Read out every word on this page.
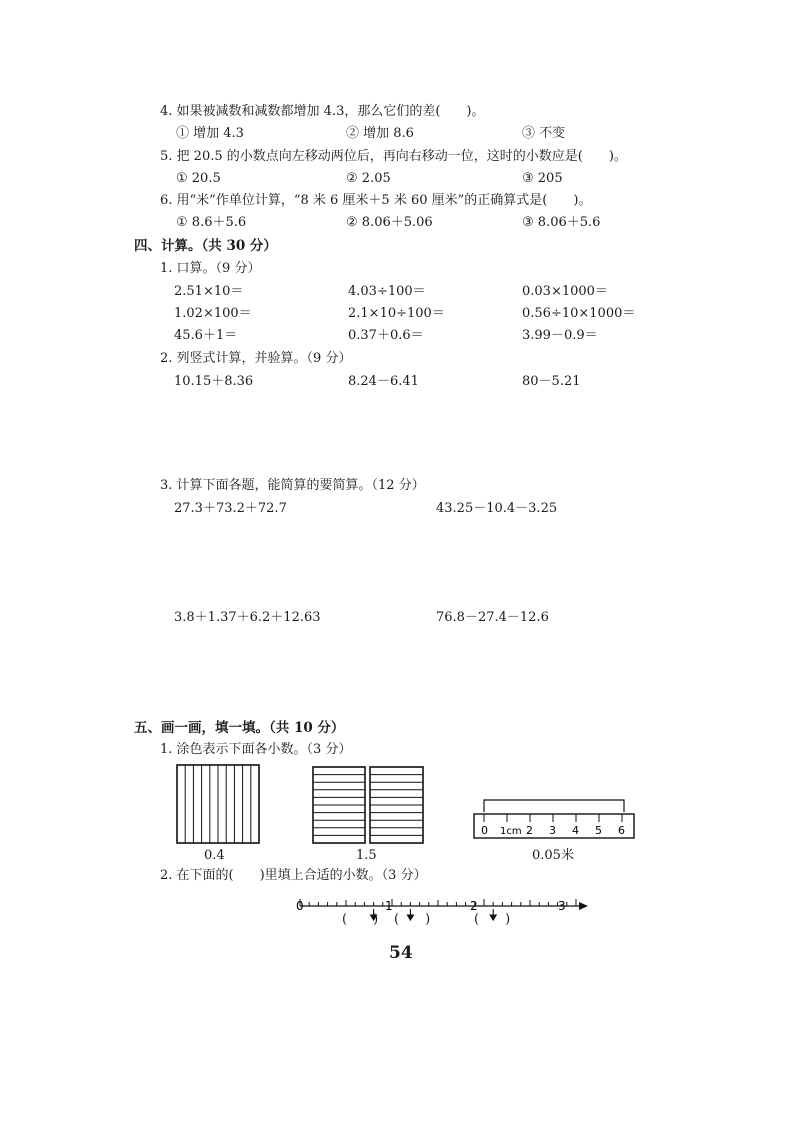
4. 如果被减数和减数都增加 4.3，那么它们的差(　　)。
① 增加 4.3	② 增加 8.6	③ 不变
5. 把 20.5 的小数点向左移动两位后，再向右移动一位，这时的小数应是(　　)。
① 20.5	② 2.05	③ 205
6. 用“米”作单位计算，“8 米 6 厘米＋5 米 60 厘米”的正确算式是(　　)。
① 8.6＋5.6	② 8.06＋5.06	③ 8.06＋5.6
四、计算。（共 30 分）
1. 口算。（9 分）
2.51×10＝	4.03÷100＝	0.03×1000＝
1.02×100＝	2.1×10÷100＝	0.56÷10×1000＝
45.6＋1＝	0.37＋0.6＝	3.99－0.9＝
2. 列竖式计算，并验算。（9 分）
10.15＋8.36	8.24－6.41	80－5.21
3. 计算下面各题，能简算的要简算。（12 分）
27.3＋73.2＋72.7	43.25－10.4－3.25
3.8＋1.37＋6.2＋12.63	76.8－27.4－12.6
五、画一画，填一填。（共 10 分）
1. 涂色表示下面各小数。（3 分）
0.4	1.5
0 1cm 2 3 4 5 6
0.05米
2. 在下面的(　　)里填上合适的小数。（3 分）
0	1	2	3
(　　) (　　)	(　　)
54
